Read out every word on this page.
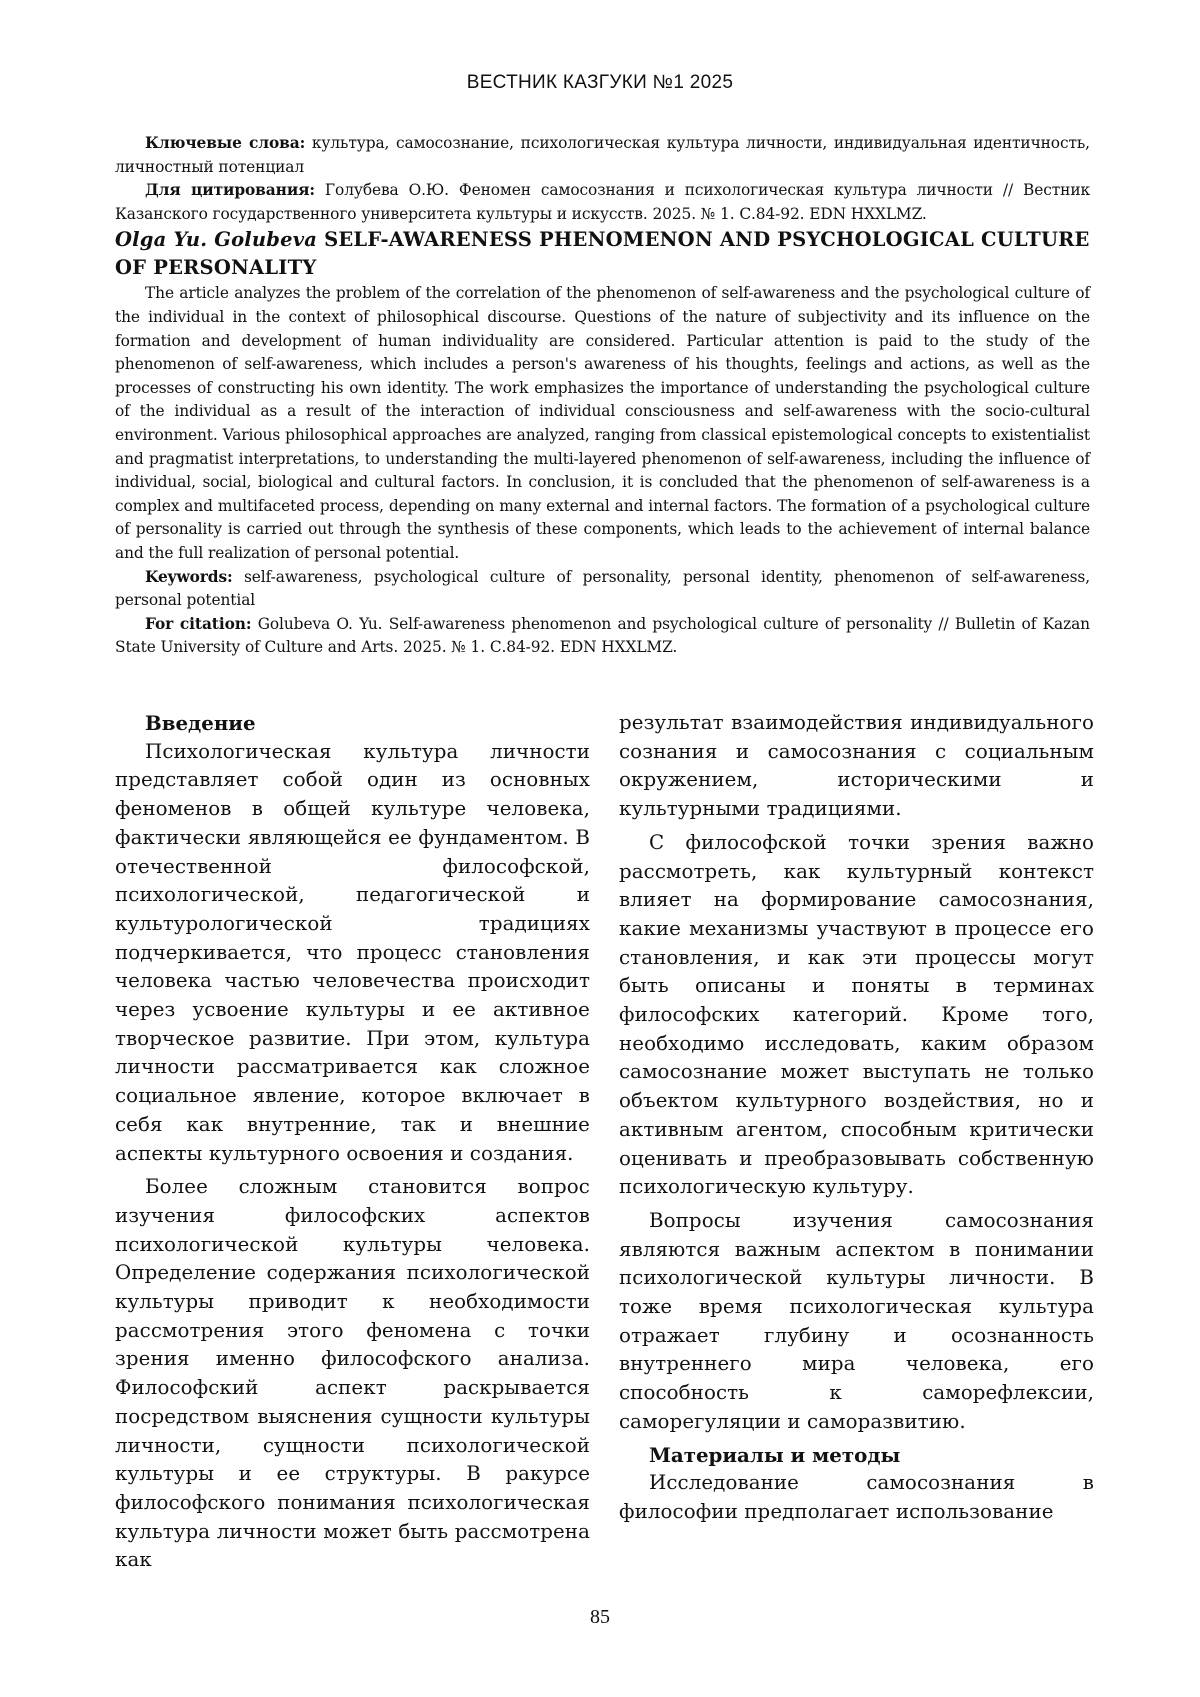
ВЕСТНИК КАЗГУКИ №1 2025

Ключевые слова: культура, самосознание, психологическая культура личности, индивидуальная идентичность, личностный потенциал

Для цитирования: Голубева О.Ю. Феномен самосознания и психологическая культура личности // Вестник Казанского государственного университета культуры и искусств. 2025. № 1. С.84-92. EDN HXXLMZ.

Olga Yu. Golubeva SELF-AWARENESS PHENOMENON AND PSYCHOLOGICAL CULTURE OF PERSONALITY

The article analyzes the problem of the correlation of the phenomenon of self-awareness and the psychological culture of the individual in the context of philosophical discourse. Questions of the nature of subjectivity and its influence on the formation and development of human individuality are considered. Particular attention is paid to the study of the phenomenon of self-awareness, which includes a person's awareness of his thoughts, feelings and actions, as well as the processes of constructing his own identity. The work emphasizes the importance of understanding the psychological culture of the individual as a result of the interaction of individual consciousness and self-awareness with the socio-cultural environment. Various philosophical approaches are analyzed, ranging from classical epistemological concepts to existentialist and pragmatist interpretations, to understanding the multi-layered phenomenon of self-awareness, including the influence of individual, social, biological and cultural factors. In conclusion, it is concluded that the phenomenon of self-awareness is a complex and multifaceted process, depending on many external and internal factors. The formation of a psychological culture of personality is carried out through the synthesis of these components, which leads to the achievement of internal balance and the full realization of personal potential.

Keywords: self-awareness, psychological culture of personality, personal identity, phenomenon of self-awareness, personal potential

For citation: Golubeva O. Yu. Self-awareness phenomenon and psychological culture of personality // Bulletin of Kazan State University of Culture and Arts. 2025. № 1. С.84-92. EDN HXXLMZ.

Введение

Психологическая культура личности представляет собой один из основных феноменов в общей культуре человека, фактически являющейся ее фундаментом. В отечественной философской, психологической, педагогической и культурологической традициях подчеркивается, что процесс становления человека частью человечества происходит через усвоение культуры и ее активное творческое развитие. При этом, культура личности рассматривается как сложное социальное явление, которое включает в себя как внутренние, так и внешние аспекты культурного освоения и создания.

Более сложным становится вопрос изучения философских аспектов психологической культуры человека. Определение содержания психологической культуры приводит к необходимости рассмотрения этого феномена с точки зрения именно философского анализа. Философский аспект раскрывается посредством выяснения сущности культуры личности, сущности психологической культуры и ее структуры. В ракурсе философского понимания психологическая культура личности может быть рассмотрена как

результат взаимодействия индивидуального сознания и самосознания с социальным окружением, историческими и культурными традициями.

С философской точки зрения важно рассмотреть, как культурный контекст влияет на формирование самосознания, какие механизмы участвуют в процессе его становления, и как эти процессы могут быть описаны и поняты в терминах философских категорий. Кроме того, необходимо исследовать, каким образом самосознание может выступать не только объектом культурного воздействия, но и активным агентом, способным критически оценивать и преобразовывать собственную психологическую культуру.

Вопросы изучения самосознания являются важным аспектом в понимании психологической культуры личности. В тоже время психологическая культура отражает глубину и осознанность внутреннего мира человека, его способность к саморефлексии, саморегуляции и саморазвитию.

Материалы и методы

Исследование самосознания в философии предполагает использование

85
